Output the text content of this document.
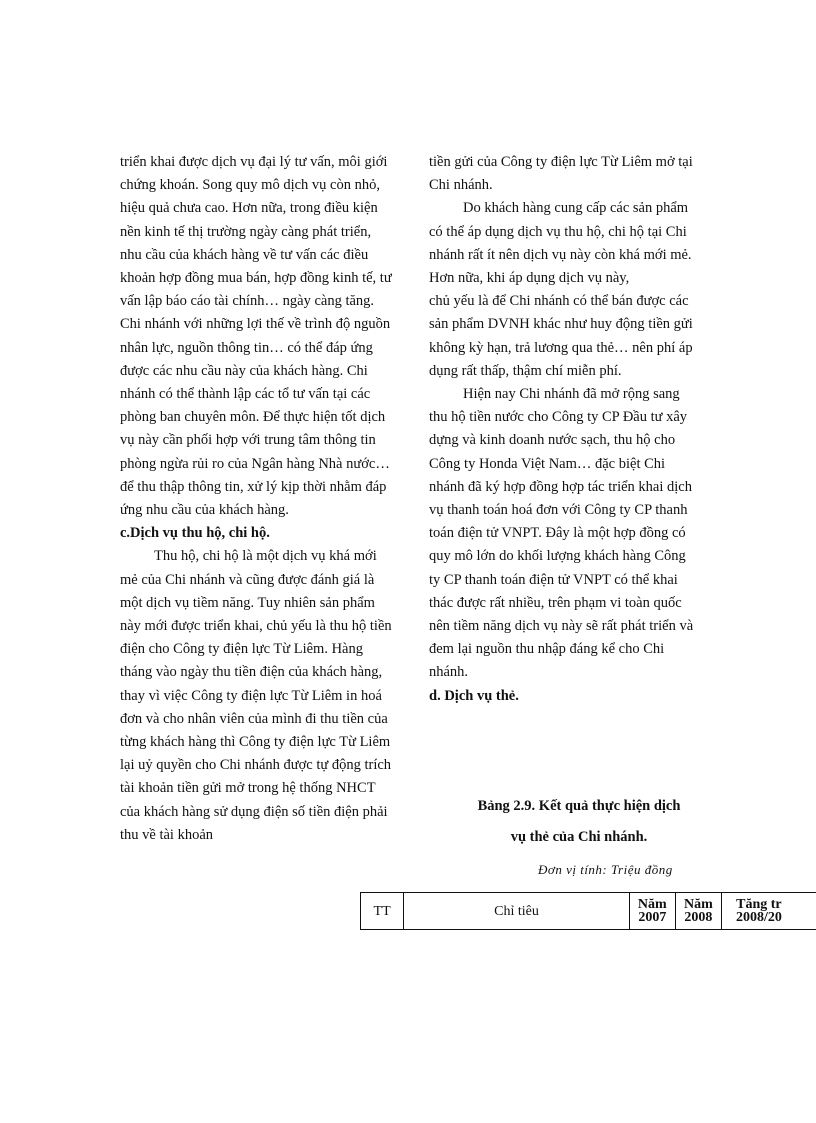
triển khai được dịch vụ đại lý tư vấn, môi giới chứng khoán. Song quy mô dịch vụ còn nhỏ, hiệu quả chưa cao. Hơn nữa, trong điều kiện nền kinh tế thị trường ngày càng phát triển, nhu cầu của khách hàng về tư vấn các điều khoản hợp đồng mua bán, hợp đồng kinh tế, tư vấn lập báo cáo tài chính… ngày càng tăng. Chi nhánh với những lợi thế về trình độ nguồn nhân lực, nguồn thông tin… có thể đáp ứng được các nhu cầu này của khách hàng. Chi nhánh có thể thành lập các tổ tư vấn tại các phòng ban chuyên môn. Để thực hiện tốt dịch vụ này cần phối hợp với trung tâm thông tin phòng ngừa rủi ro của Ngân hàng Nhà nước… để thu thập thông tin, xử lý kịp thời nhằm đáp ứng nhu cầu của khách hàng.

c.Dịch vụ thu hộ, chi hộ.

Thu hộ, chi hộ là một dịch vụ khá mới mẻ của Chi nhánh và cũng được đánh giá là một dịch vụ tiềm năng. Tuy nhiên sản phẩm này mới được triển khai, chủ yếu là thu hộ tiền điện cho Công ty điện lực Từ Liêm. Hàng tháng vào ngày thu tiền điện của khách hàng, thay vì việc Công ty điện lực Từ Liêm in hoá đơn và cho nhân viên của mình đi thu tiền của từng khách hàng thì Công ty điện lực Từ Liêm lại uỷ quyền cho Chi nhánh được tự động trích tài khoản tiền gửi mở trong hệ thống NHCT của khách hàng sử dụng điện số tiền điện phải thu về tài khoản

tiền gửi của Công ty điện lực Từ Liêm mở tại Chi nhánh.

Do khách hàng cung cấp các sản phẩm có thể áp dụng dịch vụ thu hộ, chi hộ tại Chi nhánh rất ít nên dịch vụ này còn khá mới mẻ. Hơn nữa, khi áp dụng dịch vụ này,

chủ yếu là để Chi nhánh có thể bán được các sản phẩm DVNH khác như huy động tiền gửi không kỳ hạn, trả lương qua thẻ… nên phí áp dụng rất thấp, thậm chí miễn phí.

Hiện nay Chi nhánh đã mở rộng sang thu hộ tiền nước cho Công ty CP Đầu tư xây dựng và kinh doanh nước sạch, thu hộ cho Công ty Honda Việt Nam… đặc biệt Chi nhánh đã ký hợp đồng hợp tác triển khai dịch vụ thanh toán hoá đơn với Công ty CP thanh toán điện tử VNPT. Đây là một hợp đồng có quy mô lớn do khối lượng khách hàng Công ty CP thanh toán điện tử VNPT có thể khai thác được rất nhiều, trên phạm vi toàn quốc nên tiềm năng dịch vụ này sẽ rất phát triển và đem lại nguồn thu nhập đáng kể cho Chi nhánh.

d. Dịch vụ thẻ.

Bảng 2.9. Kết quả thực hiện dịch
vụ thẻ của Chi nhánh.
Đơn vị tính: Triệu đồng
TT	Chỉ tiêu	Năm
2007
Năm
2008
Tăng tr
2008/20
